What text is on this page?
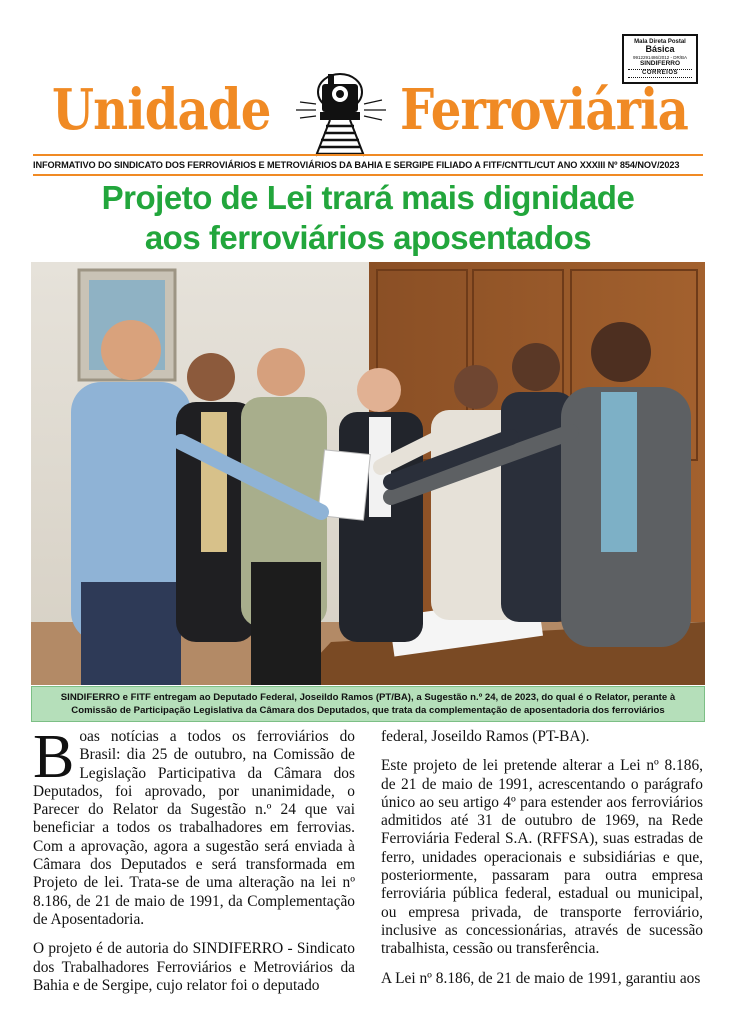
Mala Direta Postal
Básica
9912291486/2012 - DR/BA
SINDIFERRO
CORREIOS
Unidade Ferroviária
INFORMATIVO DO SINDICATO DOS FERROVIÁRIOS E METROVIÁRIOS DA BAHIA E SERGIPE FILIADO A FITF/CNTTL/CUT ANO XXXIII Nº 854/NOV/2023
Projeto de Lei trará mais dignidade
aos ferroviários aposentados
SINDIFERRO e FITF entregam ao Deputado Federal, Joseildo Ramos (PT/BA), a Sugestão n.º 24, de 2023, do qual é o Relator, perante à Comissão de Participação Legislativa da Câmara dos Deputados, que trata da complementação de aposentadoria dos ferroviários

Boas notícias a todos os ferroviários do Brasil: dia 25 de outubro, na Comissão de Legislação Participativa da Câmara dos Deputados, foi aprovado, por unanimidade, o Parecer do Relator da Sugestão n.º 24 que vai beneficiar a todos os trabalhadores em ferrovias. Com a aprovação, agora a sugestão será enviada à Câmara dos Deputados e será transformada em Projeto de lei. Trata-se de uma alteração na lei nº 8.186, de 21 de maio de 1991, da Complementação de Aposentadoria.

O projeto é de autoria do SINDIFERRO - Sindicato dos Trabalhadores Ferroviários e Metroviários da Bahia e de Sergipe, cujo relator foi o deputado

federal, Joseildo Ramos (PT-BA).

Este projeto de lei pretende alterar a Lei nº 8.186, de 21 de maio de 1991, acrescentando o parágrafo único ao seu artigo 4º para estender aos ferroviários admitidos até 31 de outubro de 1969, na Rede Ferroviária Federal S.A. (RFFSA), suas estradas de ferro, unidades operacionais e subsidiárias e que, posteriormente, passaram para outra empresa ferroviária pública federal, estadual ou municipal, ou empresa privada, de transporte ferroviário, inclusive as concessionárias, através de sucessão trabalhista, cessão ou transferência.

A Lei nº 8.186, de 21 de maio de 1991, garantiu aos
